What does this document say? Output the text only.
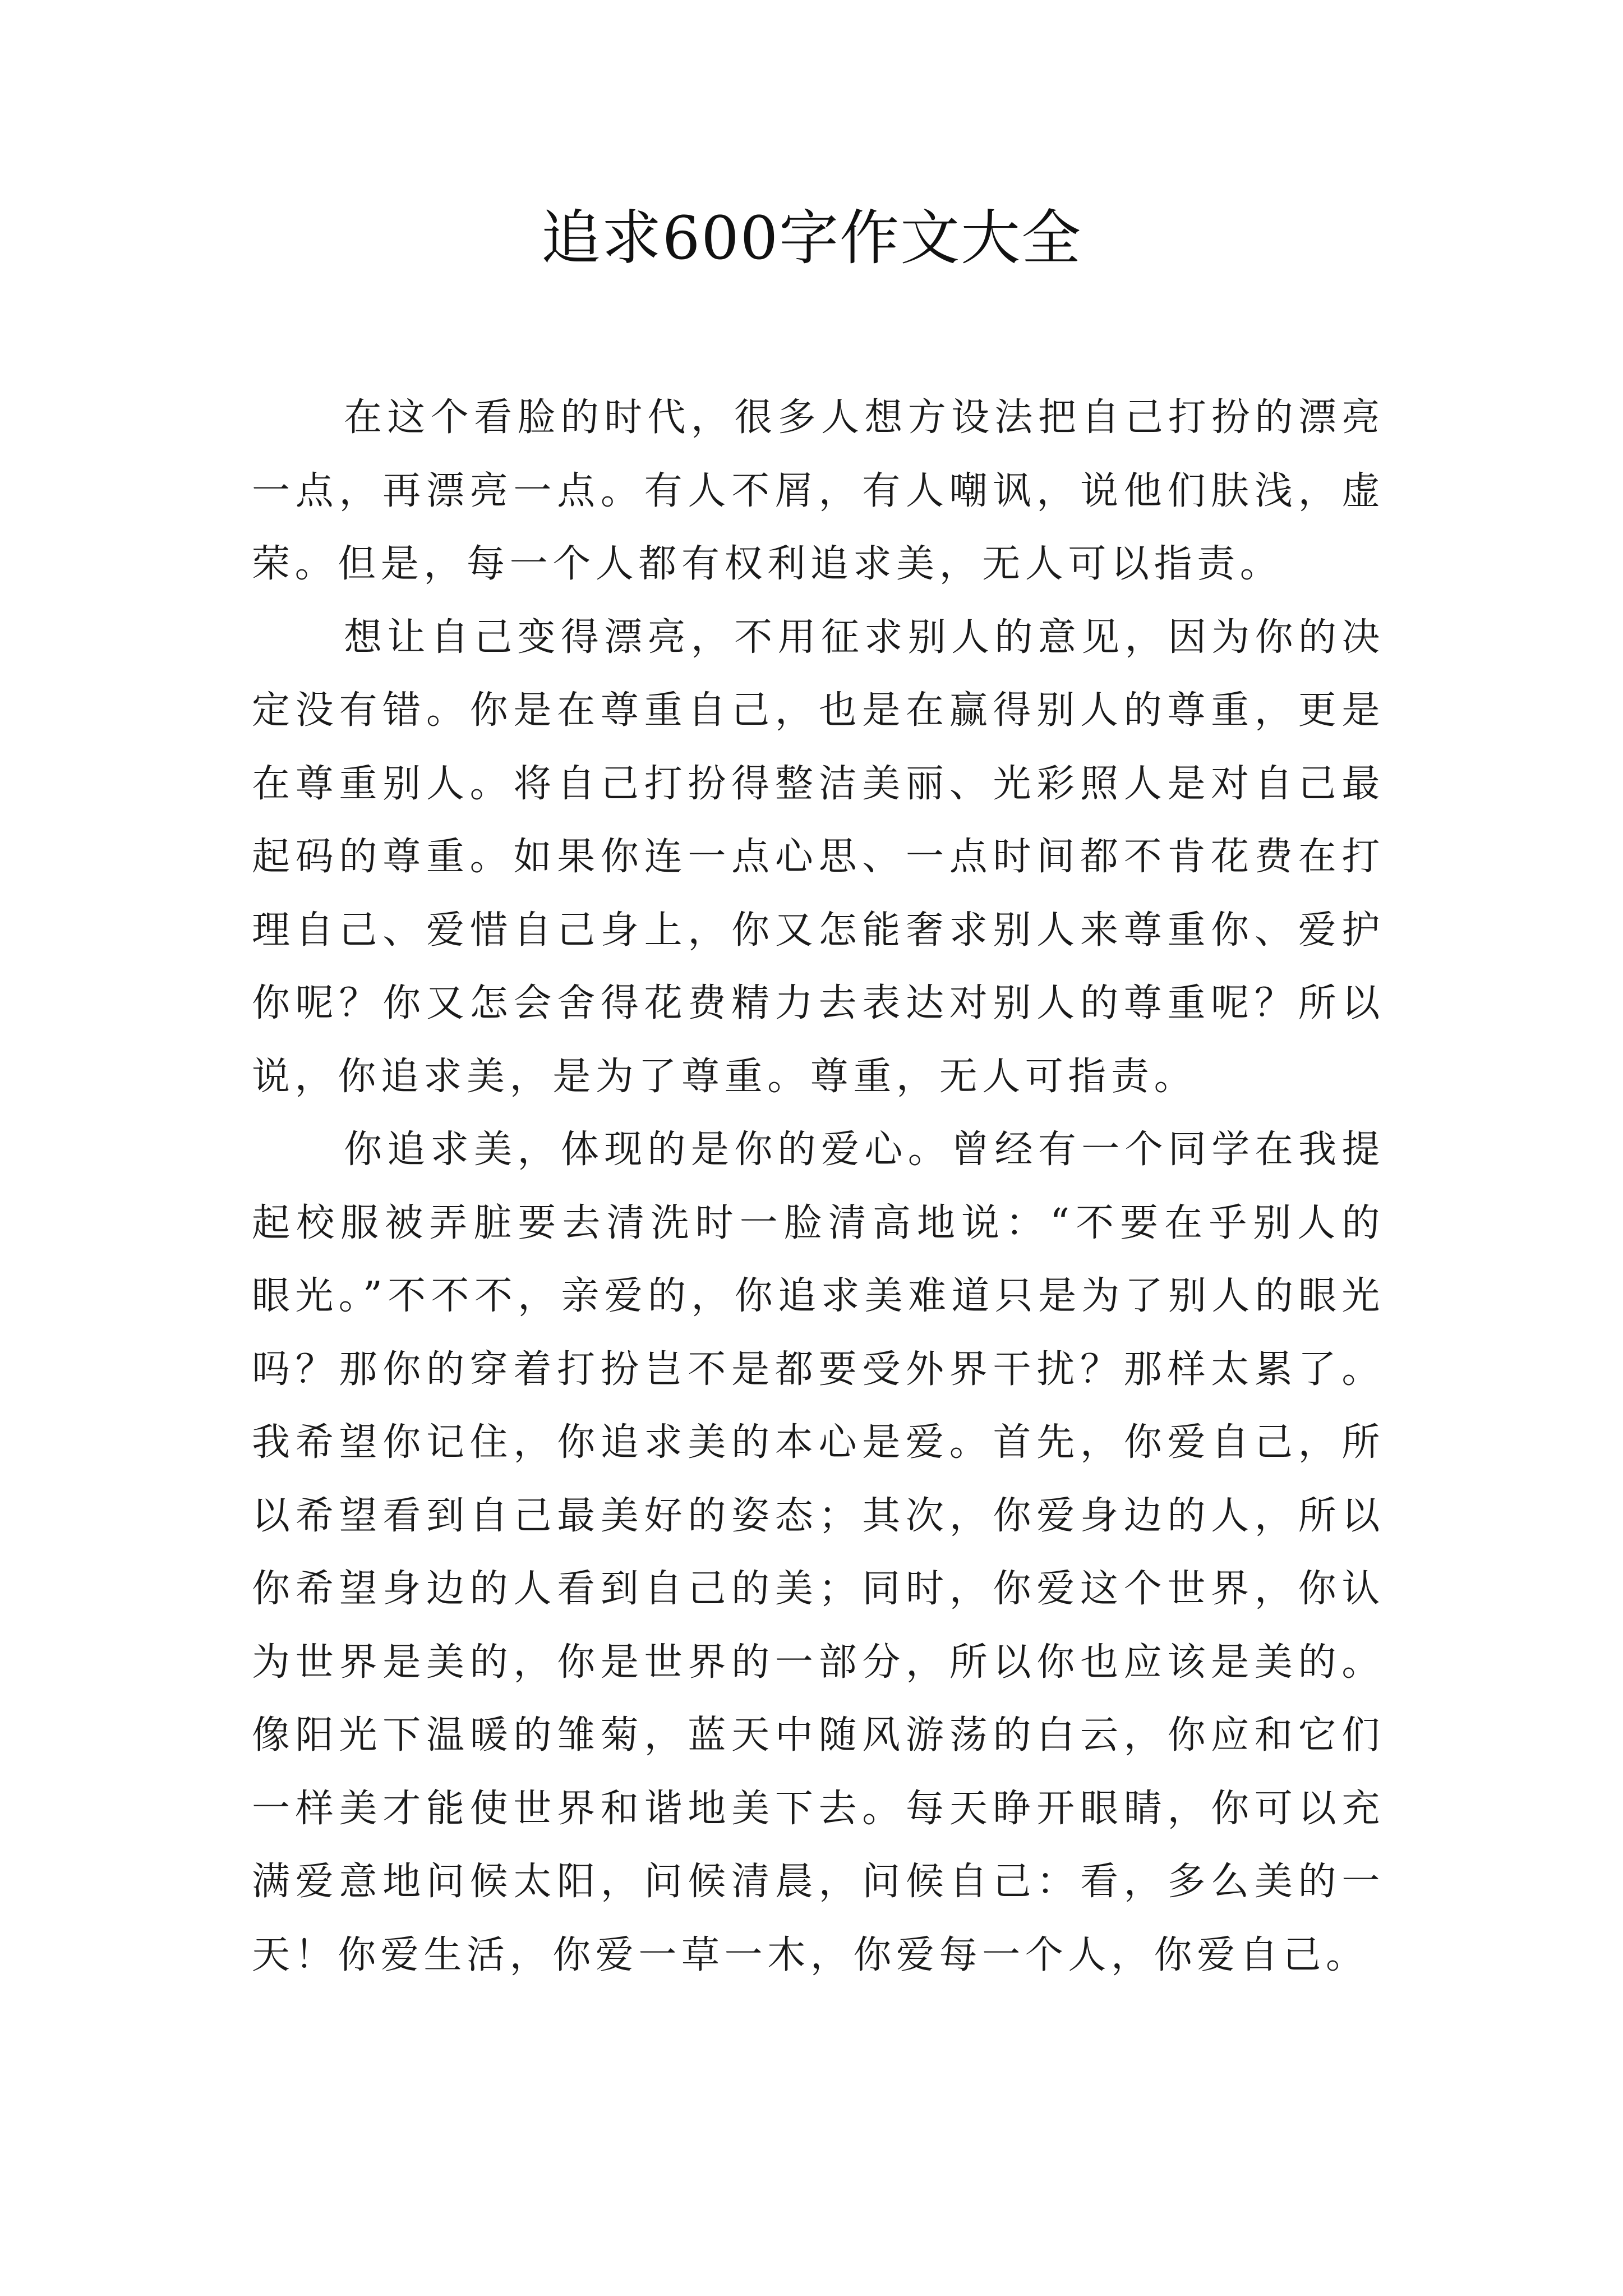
追求600字作文大全

在这个看脸的时代，很多人想方设法把自己打扮的漂亮一点，再漂亮一点。有人不屑，有人嘲讽，说他们肤浅，虚荣。但是，每一个人都有权利追求美，无人可以指责。

想让自己变得漂亮，不用征求别人的意见，因为你的决定没有错。你是在尊重自己，也是在赢得别人的尊重，更是在尊重别人。将自己打扮得整洁美丽、光彩照人是对自己最起码的尊重。如果你连一点心思、一点时间都不肯花费在打理自己、爱惜自己身上，你又怎能奢求别人来尊重你、爱护你呢？你又怎会舍得花费精力去表达对别人的尊重呢？所以说，你追求美，是为了尊重。尊重，无人可指责。

你追求美，体现的是你的爱心。曾经有一个同学在我提起校服被弄脏要去清洗时一脸清高地说：“不要在乎别人的眼光。”不不不，亲爱的，你追求美难道只是为了别人的眼光吗？那你的穿着打扮岂不是都要受外界干扰？那样太累了。我希望你记住，你追求美的本心是爱。首先，你爱自己，所以希望看到自己最美好的姿态；其次，你爱身边的人，所以你希望身边的人看到自己的美；同时，你爱这个世界，你认为世界是美的，你是世界的一部分，所以你也应该是美的。像阳光下温暖的雏菊，蓝天中随风游荡的白云，你应和它们一样美才能使世界和谐地美下去。每天睁开眼睛，你可以充满爱意地问候太阳，问候清晨，问候自己：看，多么美的一天！你爱生活，你爱一草一木，你爱每一个人，你爱自己。
